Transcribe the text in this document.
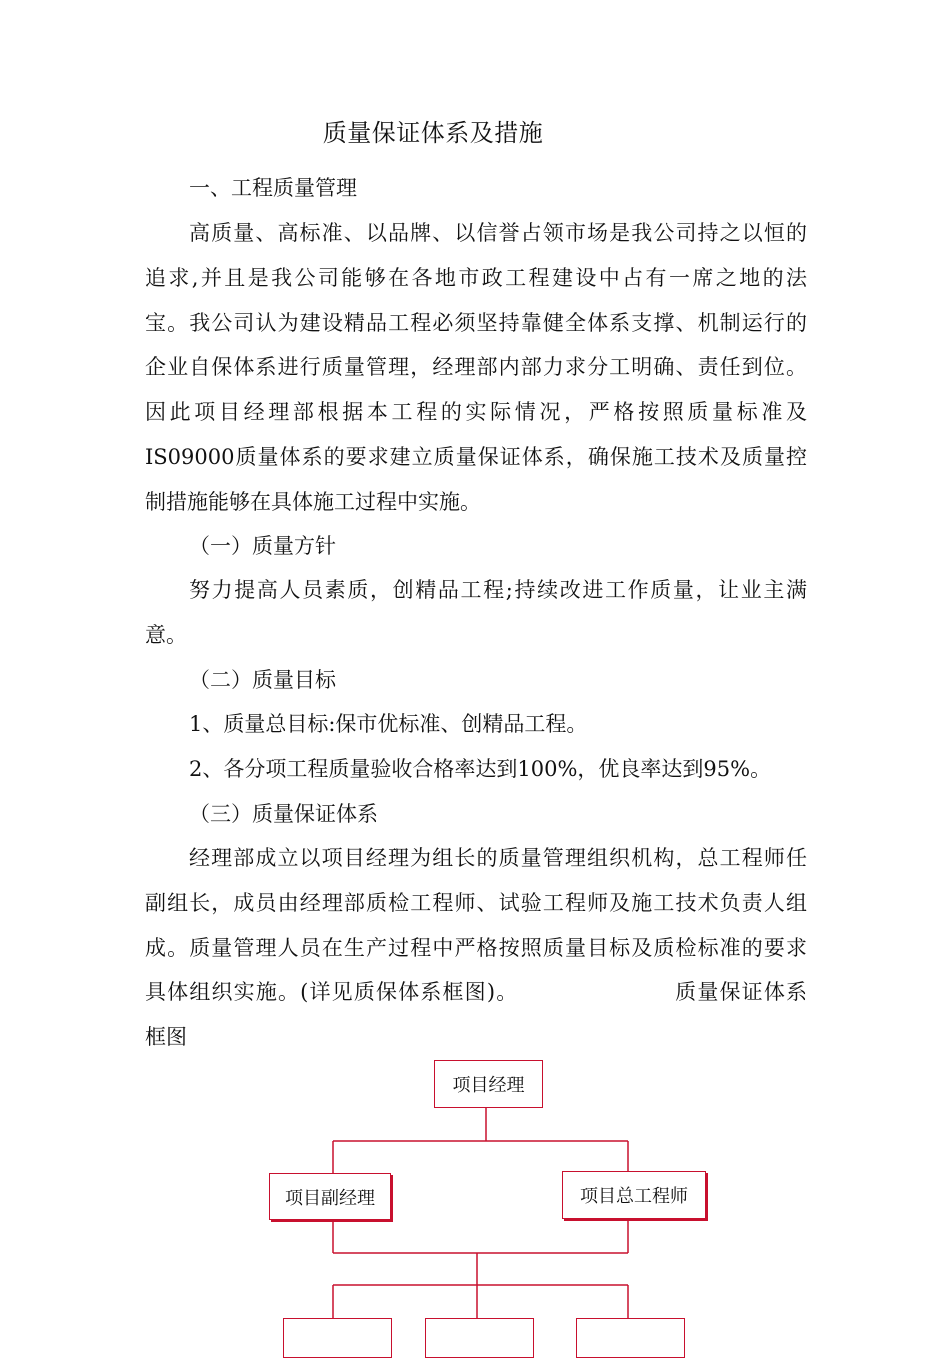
质量保证体系及措施
一、工程质量管理
高质量、高标准、以品牌、以信誉占领市场是我公司持之以恒的
追求,并且是我公司能够在各地市政工程建设中占有一席之地的法
宝。我公司认为建设精品工程必须坚持靠健全体系支撑、机制运行的
企业自保体系进行质量管理，经理部内部力求分工明确、责任到位。
因此项目经理部根据本工程的实际情况，严格按照质量标准及
IS09000质量体系的要求建立质量保证体系，确保施工技术及质量控
制措施能够在具体施工过程中实施。
（一）质量方针
努力提高人员素质，创精品工程;持续改进工作质量，让业主满
意。
（二）质量目标
1、质量总目标:保市优标准、创精品工程。
2、各分项工程质量验收合格率达到100%，优良率达到95%。
（三）质量保证体系
经理部成立以项目经理为组长的质量管理组织机构，总工程师任
副组长，成员由经理部质检工程师、试验工程师及施工技术负责人组
成。质量管理人员在生产过程中严格按照质量目标及质检标准的要求
具体组织实施。(详见质保体系框图)。                    质量保证体系
框图
项目经理
项目副经理	项目总工程师
